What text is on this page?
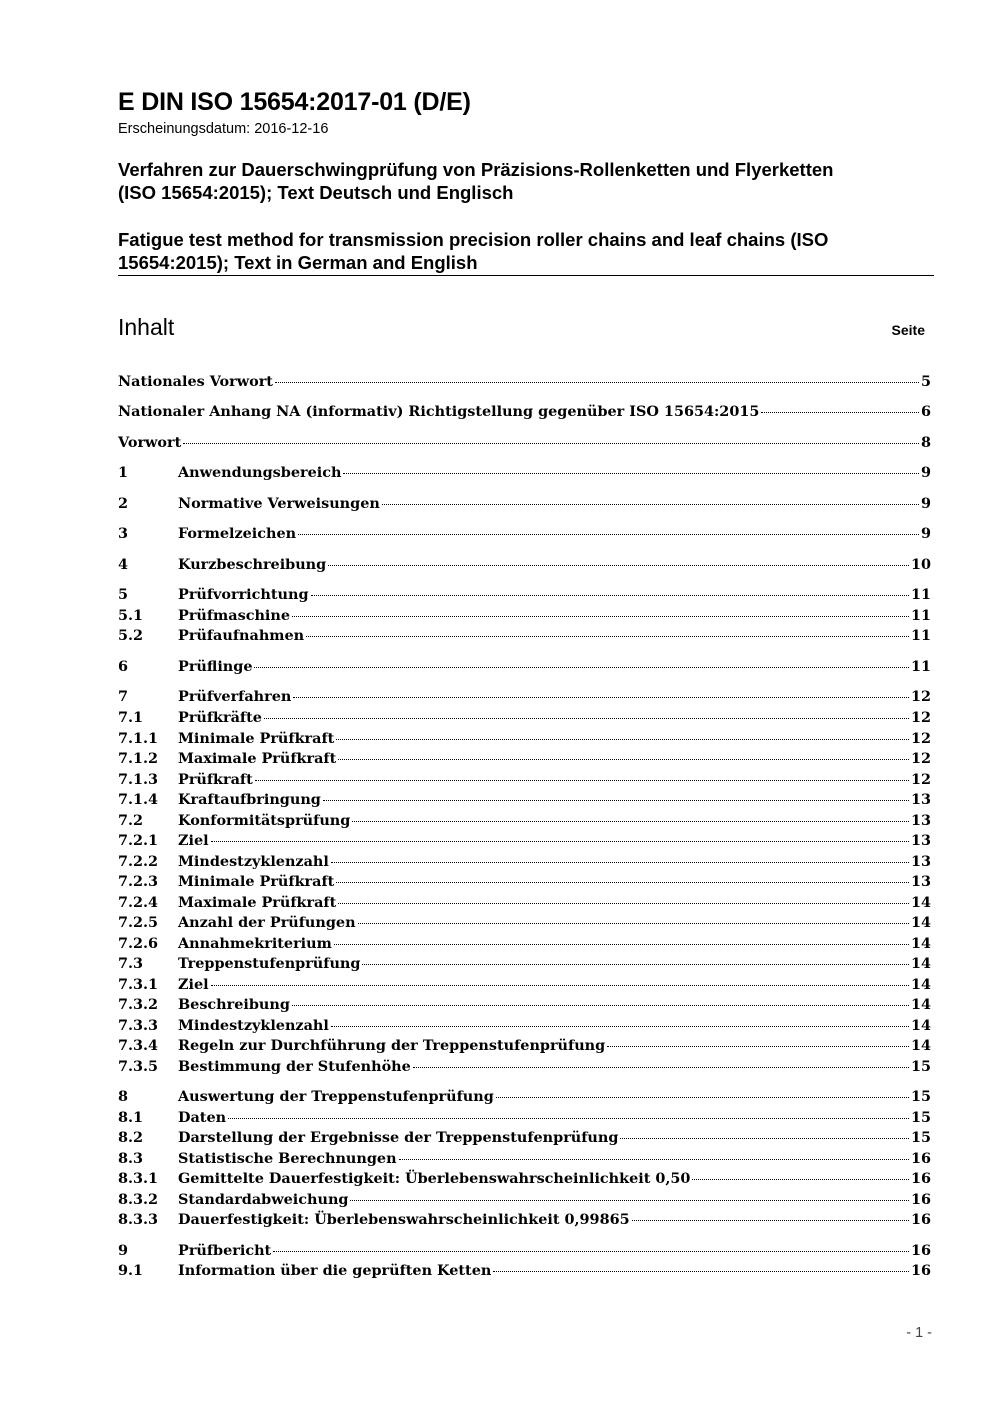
E DIN ISO 15654:2017-01 (D/E)
Erscheinungsdatum: 2016-12-16
Verfahren zur Dauerschwingprüfung von Präzisions-Rollenketten und Flyerketten
(ISO 15654:2015); Text Deutsch und Englisch
Fatigue test method for transmission precision roller chains and leaf chains (ISO
15654:2015); Text in German and English
Inhalt	Seite
Nationales Vorwort	5
Nationaler Anhang NA (informativ) Richtigstellung gegenüber ISO 15654:2015	6
Vorwort	8
1	Anwendungsbereich	9
2	Normative Verweisungen	9
3	Formelzeichen	9
4	Kurzbeschreibung	10
5	Prüfvorrichtung	11
5.1	Prüfmaschine	11
5.2	Prüfaufnahmen	11
6	Prüflinge	11
7	Prüfverfahren	12
7.1	Prüfkräfte	12
7.1.1	Minimale Prüfkraft	12
7.1.2	Maximale Prüfkraft	12
7.1.3	Prüfkraft	12
7.1.4	Kraftaufbringung	13
7.2	Konformitätsprüfung	13
7.2.1	Ziel	13
7.2.2	Mindestzyklenzahl	13
7.2.3	Minimale Prüfkraft	13
7.2.4	Maximale Prüfkraft	14
7.2.5	Anzahl der Prüfungen	14
7.2.6	Annahmekriterium	14
7.3	Treppenstufenprüfung	14
7.3.1	Ziel	14
7.3.2	Beschreibung	14
7.3.3	Mindestzyklenzahl	14
7.3.4	Regeln zur Durchführung der Treppenstufenprüfung	14
7.3.5	Bestimmung der Stufenhöhe	15
8	Auswertung der Treppenstufenprüfung	15
8.1	Daten	15
8.2	Darstellung der Ergebnisse der Treppenstufenprüfung	15
8.3	Statistische Berechnungen	16
8.3.1	Gemittelte Dauerfestigkeit: Überlebenswahrscheinlichkeit 0,50	16
8.3.2	Standardabweichung	16
8.3.3	Dauerfestigkeit: Überlebenswahrscheinlichkeit 0,99865	16
9	Prüfbericht	16
9.1	Information über die geprüften Ketten	16
- 1 -
